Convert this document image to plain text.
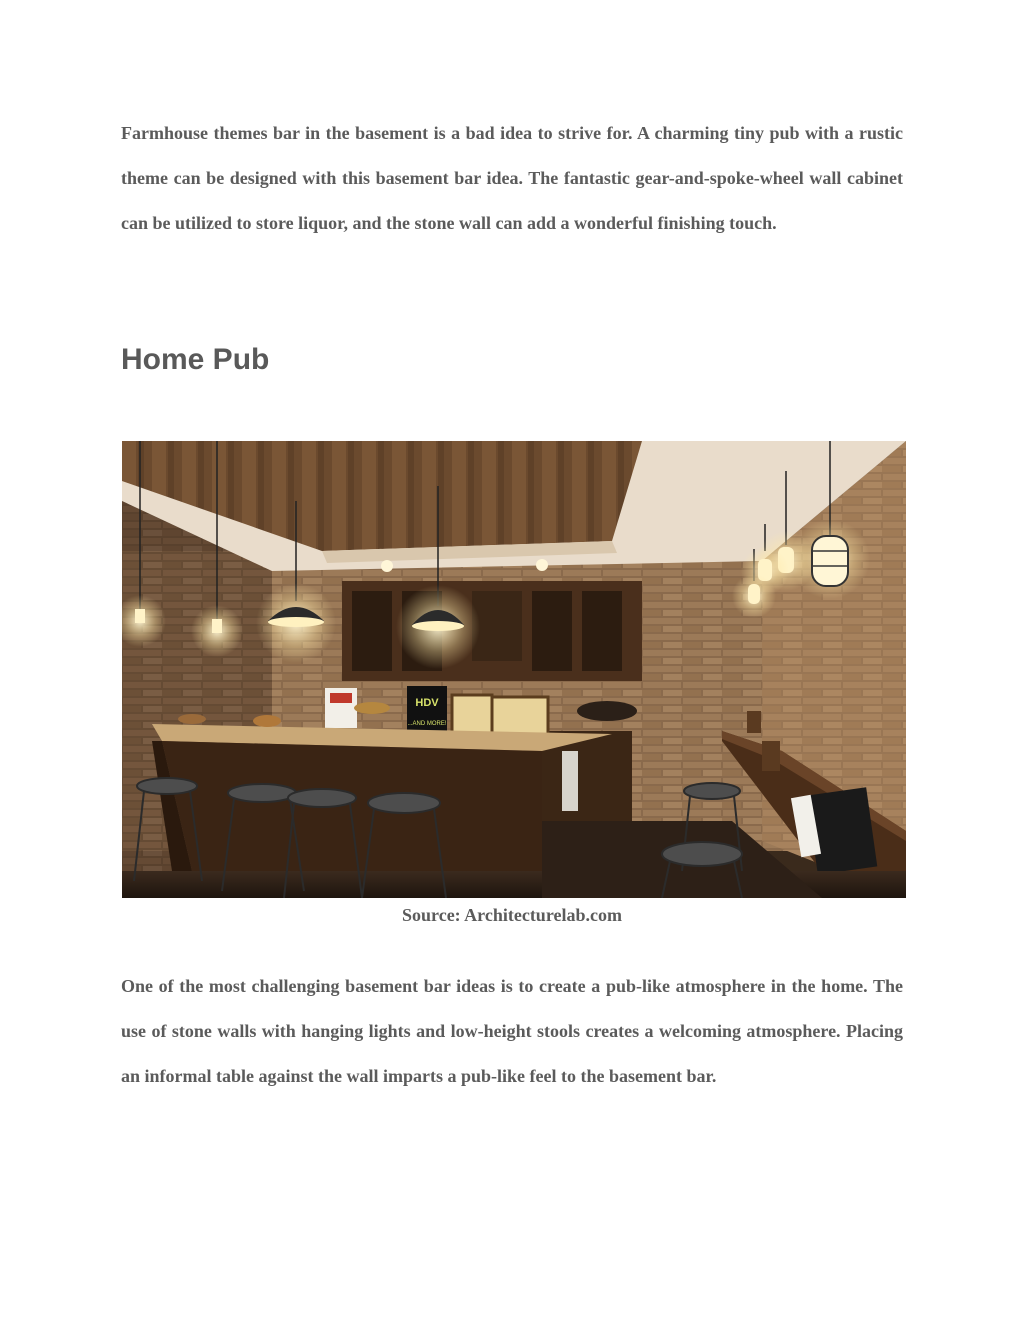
Farmhouse themes bar in the basement is a bad idea to strive for. A charming tiny pub with a rustic theme can be designed with this basement bar idea. The fantastic gear-and-spoke-wheel wall cabinet can be utilized to store liquor, and the stone wall can add a wonderful finishing touch.

Home Pub
HDV
...AND MORE!

Source: Architecturelab.com

One of the most challenging basement bar ideas is to create a pub-like atmosphere in the home. The use of stone walls with hanging lights and low-height stools creates a welcoming atmosphere. Placing an informal table against the wall imparts a pub-like feel to the basement bar.
